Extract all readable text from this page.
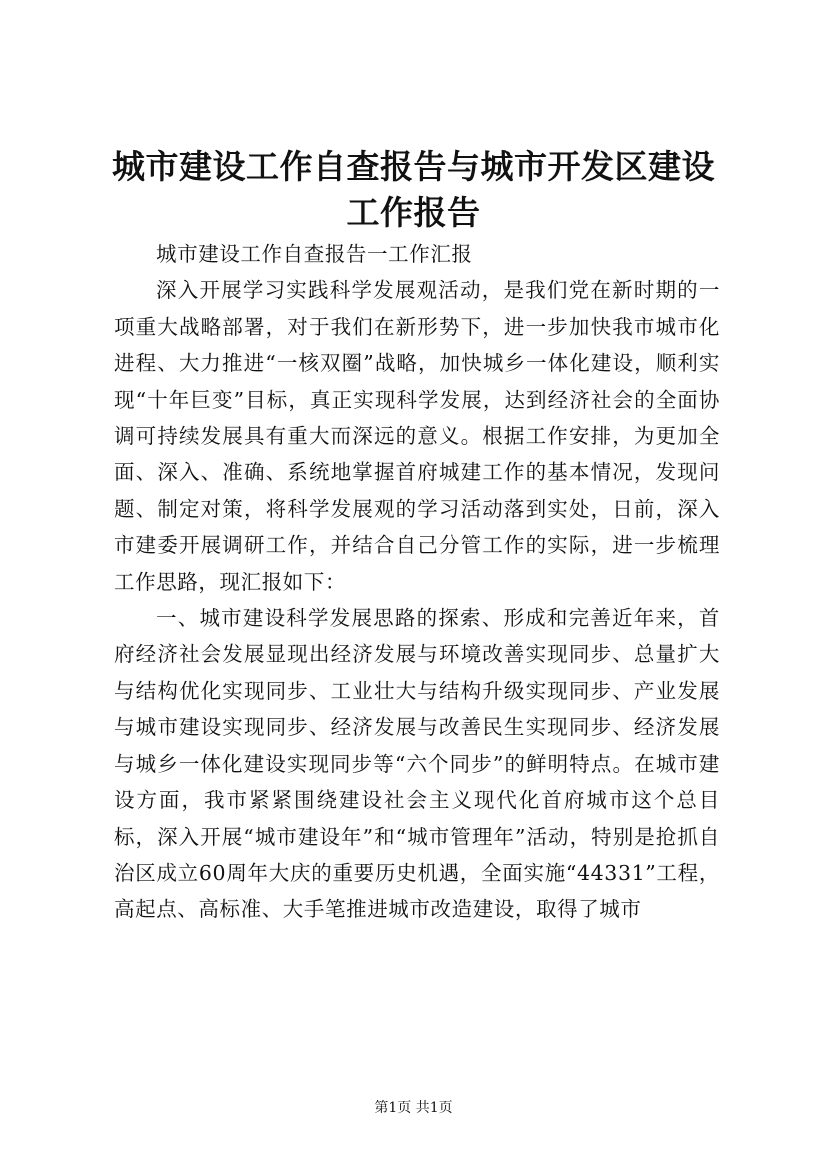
城市建设工作自查报告与城市开发区建设工作报告

城市建设工作自查报告一工作汇报

深入开展学习实践科学发展观活动，是我们党在新时期的一项重大战略部署，对于我们在新形势下，进一步加快我市城市化进程、大力推进“一核双圈”战略，加快城乡一体化建设，顺利实现“十年巨变”目标，真正实现科学发展，达到经济社会的全面协调可持续发展具有重大而深远的意义。根据工作安排，为更加全面、深入、准确、系统地掌握首府城建工作的基本情况，发现问题、制定对策，将科学发展观的学习活动落到实处，日前，深入市建委开展调研工作，并结合自己分管工作的实际，进一步梳理工作思路，现汇报如下：

一、城市建设科学发展思路的探索、形成和完善近年来，首府经济社会发展显现出经济发展与环境改善实现同步、总量扩大与结构优化实现同步、工业壮大与结构升级实现同步、产业发展与城市建设实现同步、经济发展与改善民生实现同步、经济发展与城乡一体化建设实现同步等“六个同步”的鲜明特点。在城市建设方面，我市紧紧围绕建设社会主义现代化首府城市这个总目标，深入开展“城市建设年”和“城市管理年”活动，特别是抢抓自治区成立60周年大庆的重要历史机遇，全面实施“44331”工程，高起点、高标准、大手笔推进城市改造建设，取得了城市

第1页 共1页
